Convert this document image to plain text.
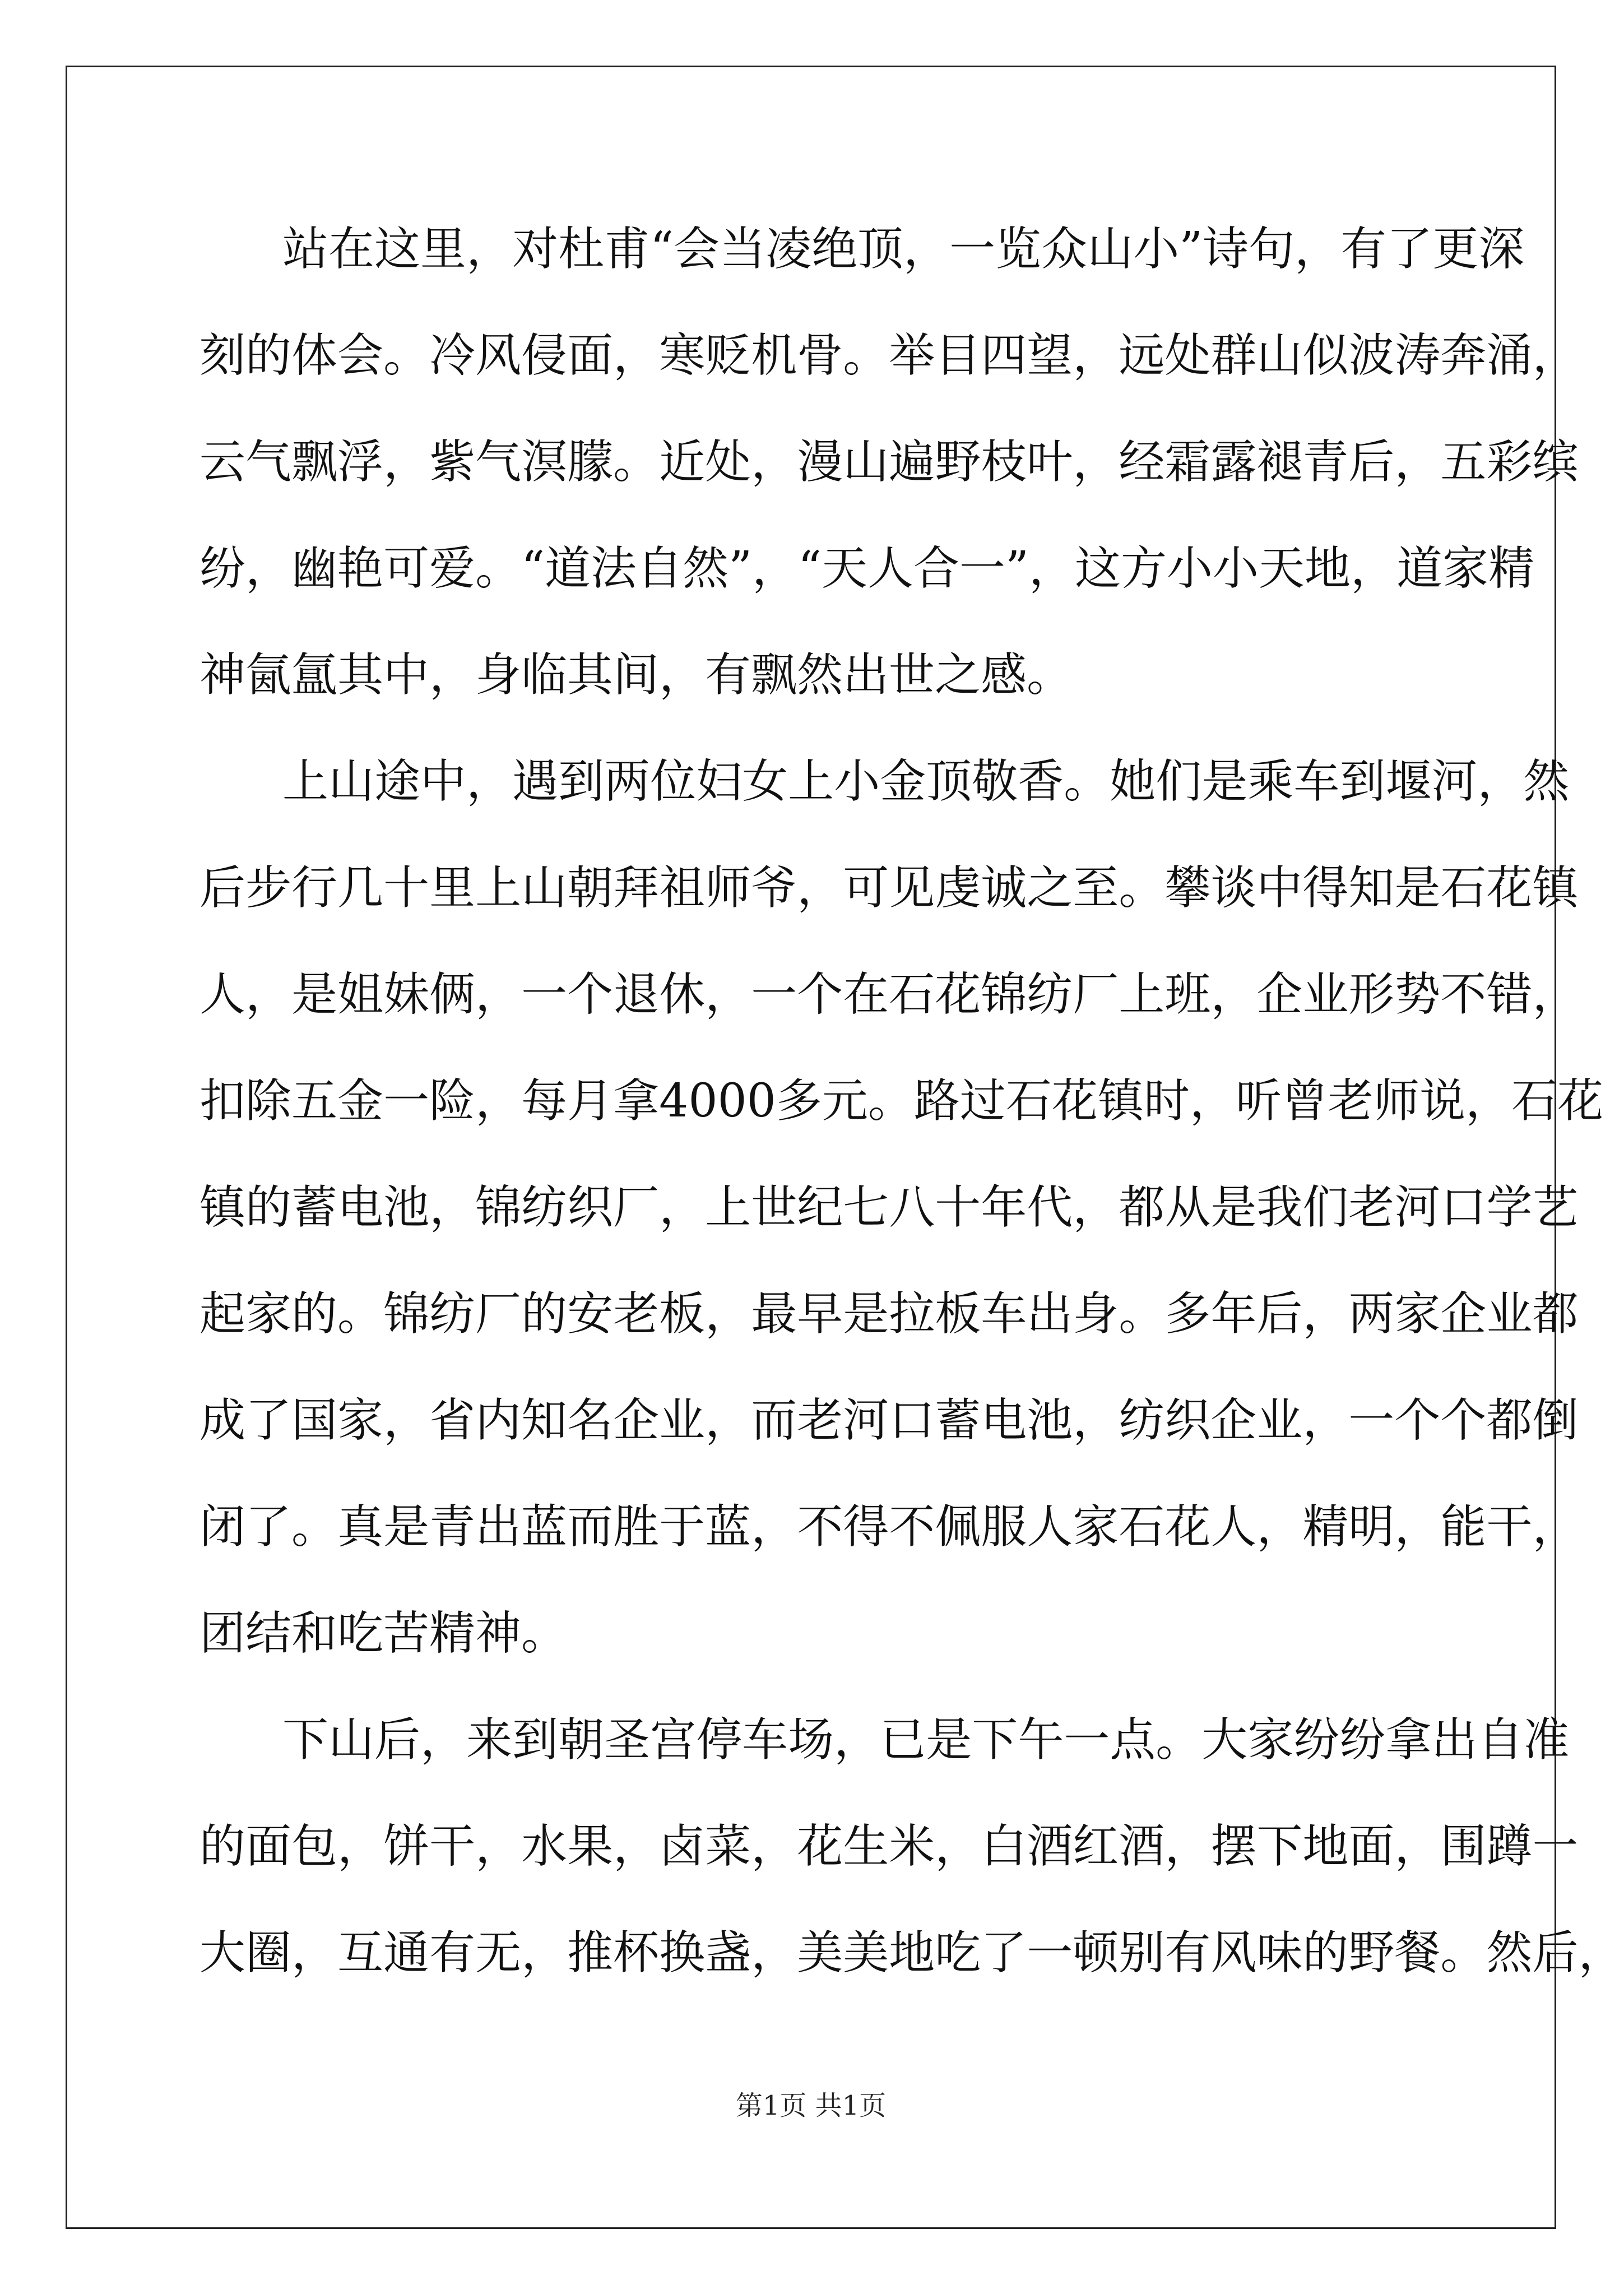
站 在 这 里 ， 对 杜 甫 “ 会 当 凌 绝 顶 ， 一 览 众 山 小 ” 诗 句 ， 有 了 更 深
刻 的 体 会 。 冷 风 侵 面 ， 寒 贬 机 骨 。 举 目 四 望 ， 远 处 群 山 似 波 涛 奔 涌 ，
云 气 飘 浮 ， 紫 气 溟 朦 。 近 处 ， 漫 山 遍 野 枝 叶 ， 经 霜 露 褪 青 后 ， 五 彩 缤
纷 ， 幽 艳 可 爱 。 “ 道 法 自 然 ” ， “ 天 人 合 一 ” ， 这 方 小 小 天 地 ， 道 家 精
神氤氲其中，身临其间，有飘然出世之感。
上 山 途 中 ， 遇 到 两 位 妇 女 上 小 金 顶 敬 香 。 她 们 是 乘 车 到 堰 河 ， 然
后 步 行 几 十 里 上 山 朝 拜 祖 师 爷 ， 可 见 虔 诚 之 至 。 攀 谈 中 得 知 是 石 花 镇
人 ， 是 姐 妹 俩 ， 一 个 退 休 ， 一 个 在 石 花 锦 纺 厂 上 班 ， 企 业 形 势 不 错 ，
扣 除 五 金 一 险 ， 每 月 拿 4 0 0 0 多 元 。 路 过 石 花 镇 时 ， 听 曾 老 师 说 ， 石 花
镇 的 蓄 电 池 ， 锦 纺 织 厂 ， 上 世 纪 七 八 十 年 代 ， 都 从 是 我 们 老 河 口 学 艺
起 家 的 。 锦 纺 厂 的 安 老 板 ， 最 早 是 拉 板 车 出 身 。 多 年 后 ， 两 家 企 业 都
成 了 国 家 ， 省 内 知 名 企 业 ， 而 老 河 口 蓄 电 池 ， 纺 织 企 业 ， 一 个 个 都 倒
闭 了 。 真 是 青 出 蓝 而 胜 于 蓝 ， 不 得 不 佩 服 人 家 石 花 人 ， 精 明 ， 能 干 ，
团结和吃苦精神。
下 山 后 ， 来 到 朝 圣 宫 停 车 场 ， 已 是 下 午 一 点 。 大 家 纷 纷 拿 出 自 准
的 面 包 ， 饼 干 ， 水 果 ， 卤 菜 ， 花 生 米 ， 白 酒 红 酒 ， 摆 下 地 面 ， 围 蹲 一
大 圈 ， 互 通 有 无 ， 推 杯 换 盏 ， 美 美 地 吃 了 一 顿 别 有 风 味 的 野 餐 。 然 后 ，
第1页 共1页
